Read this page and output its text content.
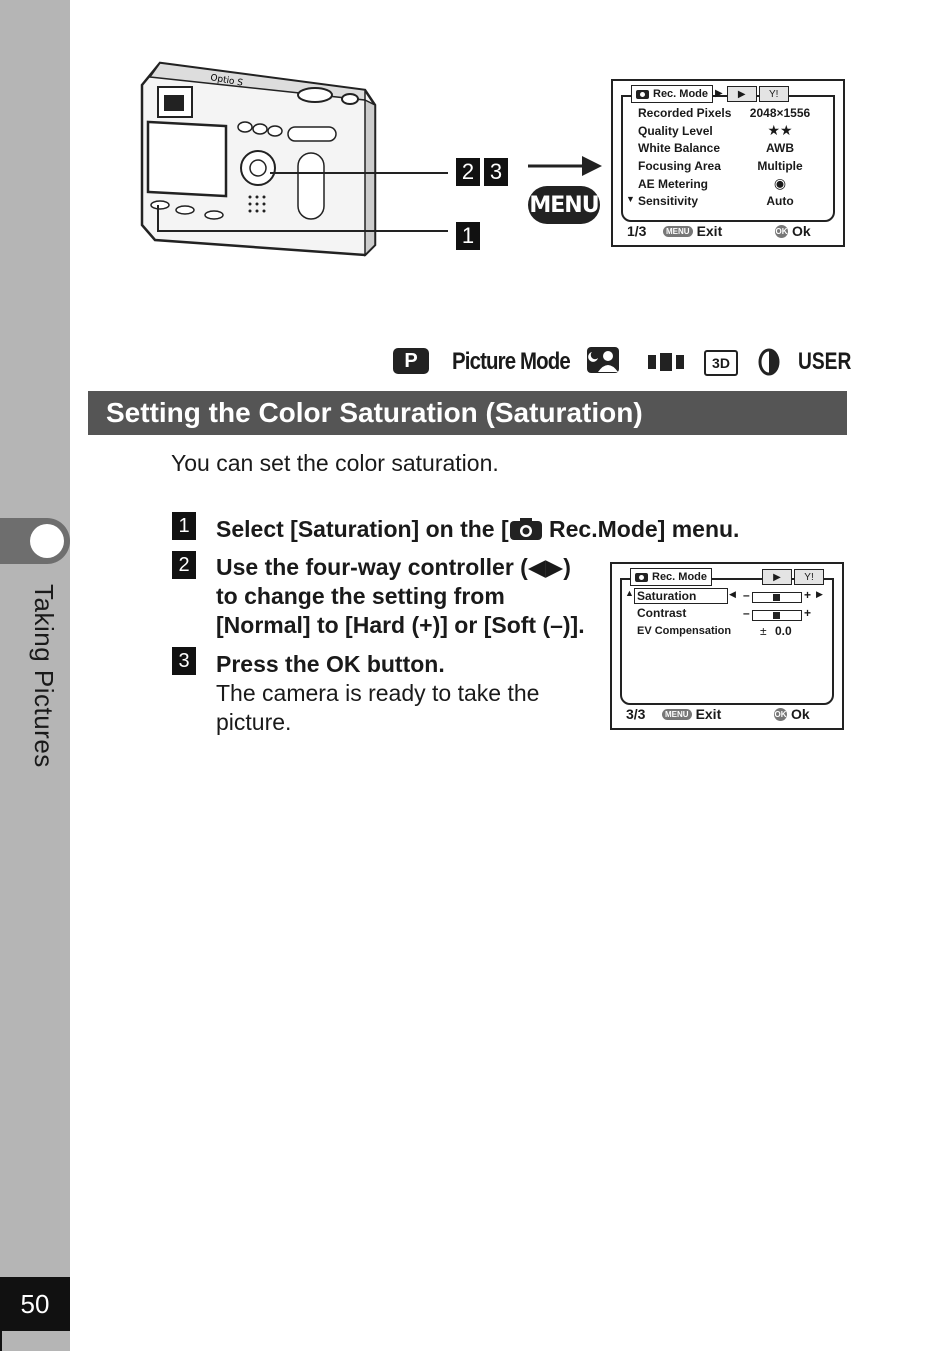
Taking Pictures
50
Optio S
2 3
1
MENU
Rec. Mode ▶	▶	Y!
Recorded Pixels	2048×1556
Quality Level	★★
White Balance	AWB
Focusing Area	Multiple
AE Metering	◉
▼ Sensitivity	Auto
1/3	MENU Exit	OK Ok
P	Picture Mode	3D	USER
Setting the Color Saturation (Saturation)
You can set the color saturation.
1 Select [Saturation] on the [ Rec.Mode] menu.
2 Use the four-way controller (◀▶)
to change the setting from
[Normal] to [Hard (+)] or [Soft (–)].
3 Press the OK button.
The camera is ready to take the
picture.
Rec. Mode	▶	Y!
▲ Saturation	◀ –	+ ▶
Contrast	–	+
EV Compensation ± 0.0
3/3	MENU Exit	OK Ok
